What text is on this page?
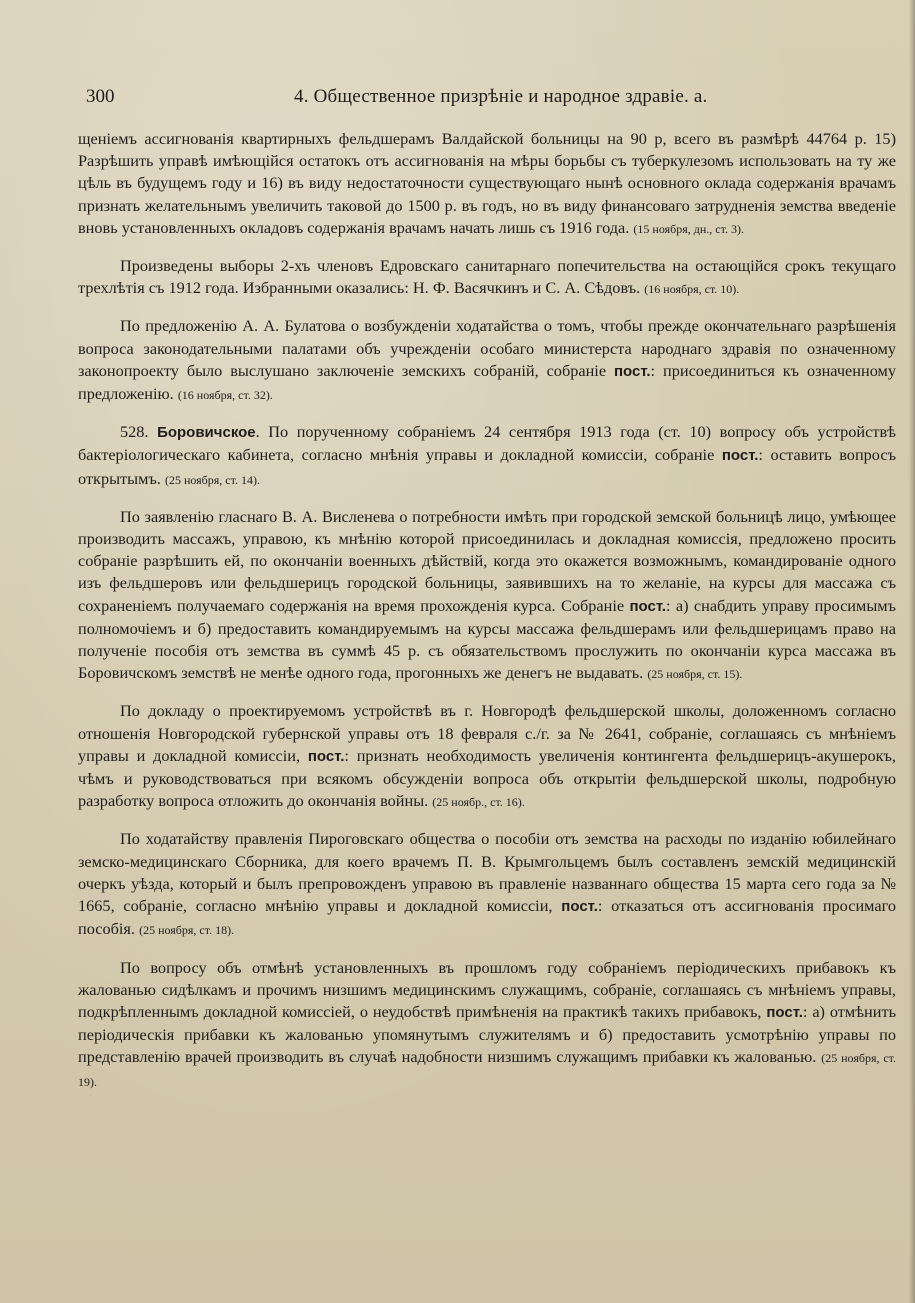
300	4. Общественное призрѣніе и народное здравіе. а.

щеніемъ ассигнованія квартирныхъ фельдшерамъ Валдайской больницы на 90 р, всего въ размѣрѣ 44764 р. 15) Разрѣшить управѣ имѣющійся остатокъ отъ ассигнованія на мѣры борьбы съ туберкулезомъ использовать на ту же цѣль въ будущемъ году и 16) въ виду недостаточности существующаго нынѣ основного оклада содержанія врачамъ признать желательнымъ увеличить таковой до 1500 р. въ годъ, но въ виду финансоваго затрудненія земства введеніе вновь установленныхъ окладовъ содержанія врачамъ начать лишь съ 1916 года. (15 ноября, дн., ст. 3).

Произведены выборы 2-хъ членовъ Едровскаго санитарнаго попечительства на остающійся срокъ текущаго трехлѣтія съ 1912 года. Избранными оказались: Н. Ф. Васячкинъ и С. А. Сѣдовъ. (16 ноября, ст. 10).

По предложенію А. А. Булатова о возбужденіи ходатайства о томъ, чтобы прежде окончательнаго разрѣшенія вопроса законодательными палатами объ учрежденіи особаго министерста народнаго здравія по означенному законопроекту было выслушано заключеніе земскихъ собраній, собраніе пост.: присоединиться къ означенному предложенію. (16 ноября, ст. 32).

528. Боровичское. По порученному собраніемъ 24 сентября 1913 года (ст. 10) вопросу объ устройствѣ бактеріологическаго кабинета, согласно мнѣнія управы и докладной комиссіи, собраніе пост.: оставить вопросъ открытымъ. (25 ноября, ст. 14).

По заявленію гласнаго В. А. Висленева о потребности имѣть при городской земской больницѣ лицо, умѣющее производить массажъ, управою, къ мнѣнію которой присоединилась и докладная комиссія, предложено просить собраніе разрѣшить ей, по окончаніи военныхъ дѣйствій, когда это окажется возможнымъ, командированіе одного изъ фельдшеровъ или фельдшерицъ городской больницы, заявившихъ на то желаніе, на курсы для массажа съ сохраненіемъ получаемаго содержанія на время прохожденія курса. Собраніе пост.: а) снабдить управу просимымъ полномочіемъ и б) предоставить командируемымъ на курсы массажа фельдшерамъ или фельдшерицамъ право на полученіе пособія отъ земства въ суммѣ 45 р. съ обязательствомъ прослужить по окончаніи курса массажа въ Боровичскомъ земствѣ не менѣе одного года, прогонныхъ же денегъ не выдавать. (25 ноября, ст. 15).

По докладу о проектируемомъ устройствѣ въ г. Новгородѣ фельдшерской школы, доложенномъ согласно отношенія Новгородской губернской управы отъ 18 февраля с./г. за № 2641, собраніе, соглашаясь съ мнѣніемъ управы и докладной комиссіи, пост.: признать необходимость увеличенія контингента фельдшерицъ-акушерокъ, чѣмъ и руководствоваться при всякомъ обсужденіи вопроса объ открытіи фельдшерской школы, подробную разработку вопроса отложить до окончанія войны. (25 ноябр., ст. 16).

По ходатайству правленія Пироговскаго общества о пособіи отъ земства на расходы по изданію юбилейнаго земско-медицинскаго Сборника, для коего врачемъ П. В. Крымгольцемъ былъ составленъ земскій медицинскій очеркъ уѣзда, который и былъ препровожденъ управою въ правленіе названнаго общества 15 марта сего года за № 1665, собраніе, согласно мнѣнію управы и докладной комиссіи, пост.: отказаться отъ ассигнованія просимаго пособія. (25 ноября, ст. 18).

По вопросу объ отмѣнѣ установленныхъ въ прошломъ году собраніемъ періодическихъ прибавокъ къ жалованью сидѣлкамъ и прочимъ низшимъ медицинскимъ служащимъ, собраніе, соглашаясь съ мнѣніемъ управы, подкрѣпленнымъ докладной комиссіей, о неудобствѣ примѣненія на практикѣ такихъ прибавокъ, пост.: а) отмѣнить періодическія прибавки къ жалованью упомянутымъ служителямъ и б) предоставить усмотрѣнію управы по представленію врачей производить въ случаѣ надобности низшимъ служащимъ прибавки къ жалованью. (25 ноября, ст. 19).
